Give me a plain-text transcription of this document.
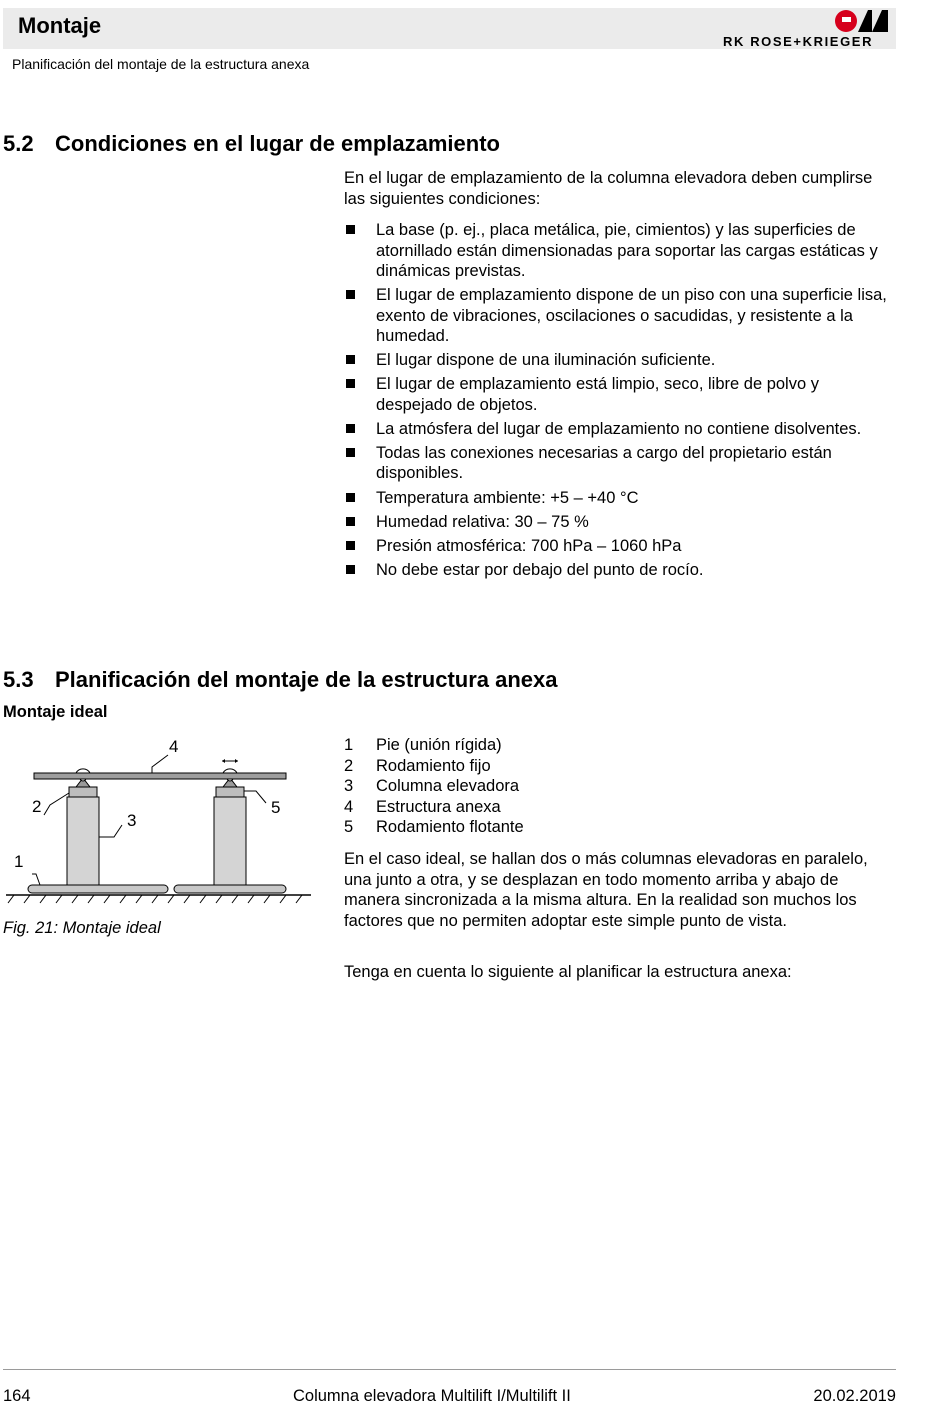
Montaje
Planificación del montaje de la estructura anexa
RK ROSE+KRIEGER
5.2 Condiciones en el lugar de emplazamiento
En el lugar de emplazamiento de la columna elevadora deben cumplirse las siguientes condiciones:
La base (p. ej., placa metálica, pie, cimientos) y las superficies de atornillado están dimensionadas para soportar las cargas estáticas y dinámicas previstas.
El lugar de emplazamiento dispone de un piso con una superficie lisa, exento de vibraciones, oscilaciones o sacudidas, y resistente a la humedad.
El lugar dispone de una iluminación suficiente.
El lugar de emplazamiento está limpio, seco, libre de polvo y despejado de objetos.
La atmósfera del lugar de emplazamiento no contiene disolventes.
Todas las conexiones necesarias a cargo del propietario están disponibles.
Temperatura ambiente: +5 – +40 °C
Humedad relativa: 30 – 75 %
Presión atmosférica: 700 hPa – 1060 hPa
No debe estar por debajo del punto de rocío.
5.3 Planificación del montaje de la estructura anexa
Montaje ideal
1
2
3
4
5
Fig. 21: Montaje ideal
1 Pie (unión rígida)
2 Rodamiento fijo
3 Columna elevadora
4 Estructura anexa
5 Rodamiento flotante
En el caso ideal, se hallan dos o más columnas elevadoras en paralelo, una junto a otra, y se desplazan en todo momento arriba y abajo de manera sincronizada a la misma altura. En la realidad son muchos los factores que no permiten adoptar este simple punto de vista.
Tenga en cuenta lo siguiente al planificar la estructura anexa:
164	Columna elevadora Multilift I/Multilift II	20.02.2019
